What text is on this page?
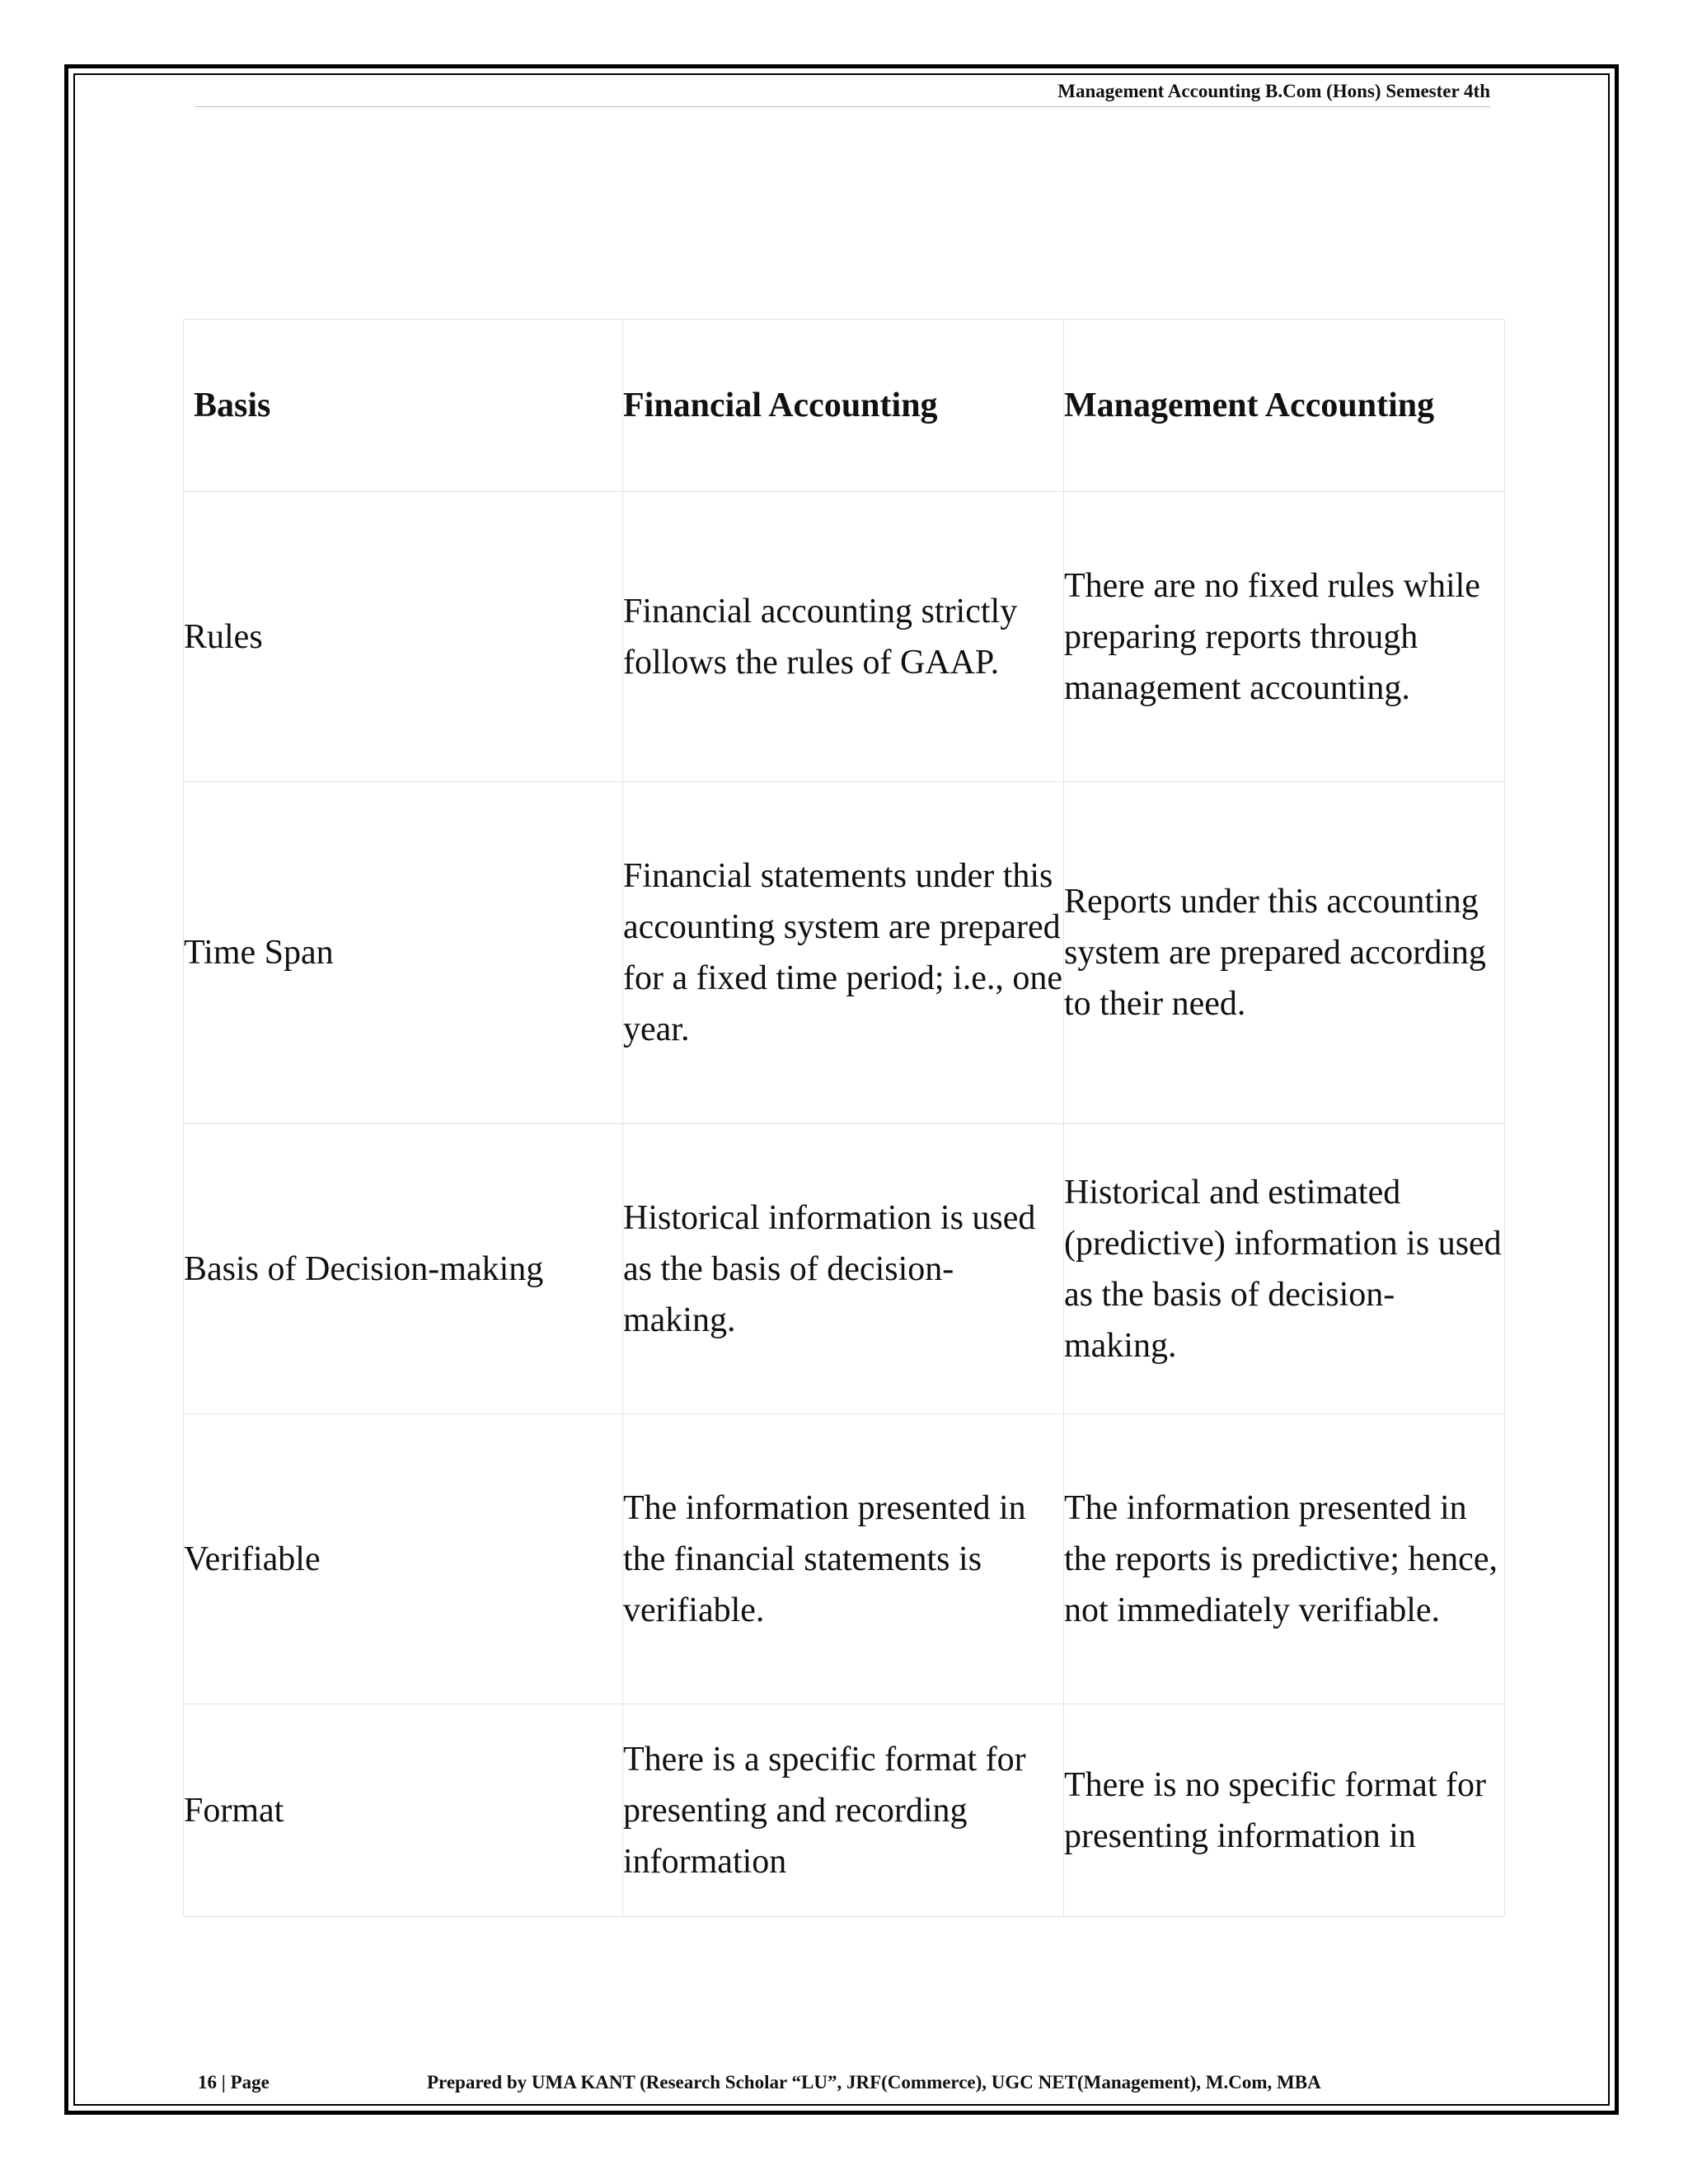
Management Accounting B.Com (Hons) Semester 4th
Basis	Financial Accounting	Management Accounting
Rules	Financial accounting strictly follows the rules of GAAP.	There are no fixed rules while preparing reports through management accounting.
Time Span	Financial statements under this accounting system are prepared for a fixed time period; i.e., one year.	Reports under this accounting system are prepared according to their need.
Basis of Decision-making	Historical information is used as the basis of decision-making.	Historical and estimated (predictive) information is used as the basis of decision-making.
Verifiable	The information presented in the financial statements is verifiable.	The information presented in the reports is predictive; hence, not immediately verifiable.
Format	There is a specific format for presenting and recording information	There is no specific format for presenting information in
16 | Page	Prepared by UMA KANT (Research Scholar “LU”, JRF(Commerce), UGC NET(Management), M.Com, MBA
